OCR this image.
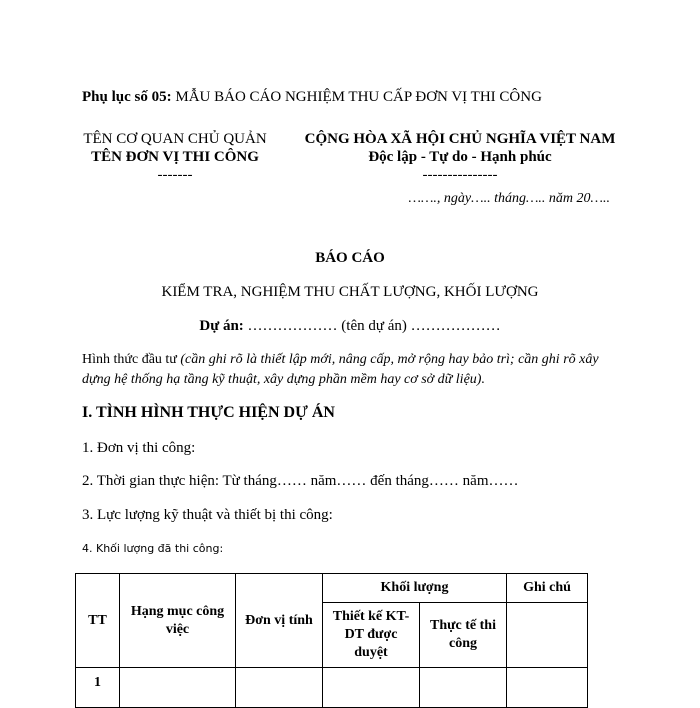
Phụ lục số 05: MẪU BÁO CÁO NGHIỆM THU CẤP ĐƠN VỊ THI CÔNG
TÊN CƠ QUAN CHỦ QUẢN
TÊN ĐƠN VỊ THI CÔNG
-------
CỘNG HÒA XÃ HỘI CHỦ NGHĨA VIỆT NAM
Độc lập - Tự do - Hạnh phúc
---------------
……., ngày….. tháng….. năm 20…..
BÁO CÁO
KIỂM TRA, NGHIỆM THU CHẤT LƯỢNG, KHỐI LƯỢNG
Dự án: ……………… (tên dự án) ………………
Hình thức đầu tư (cần ghi rõ là thiết lập mới, nâng cấp, mở rộng hay bảo trì; cần ghi rõ xây dựng hệ thống hạ tầng kỹ thuật, xây dựng phần mềm hay cơ sở dữ liệu).
I. TÌNH HÌNH THỰC HIỆN DỰ ÁN
1. Đơn vị thi công:
2. Thời gian thực hiện: Từ tháng…… năm…… đến tháng…… năm……
3. Lực lượng kỹ thuật và thiết bị thi công:
4. Khối lượng đã thi công:
TT	Hạng mục công việc	Đơn vị tính	Khối lượng		Ghi chú
			Thiết kế KT-DT được duyệt	Thực tế thi công	
1					
